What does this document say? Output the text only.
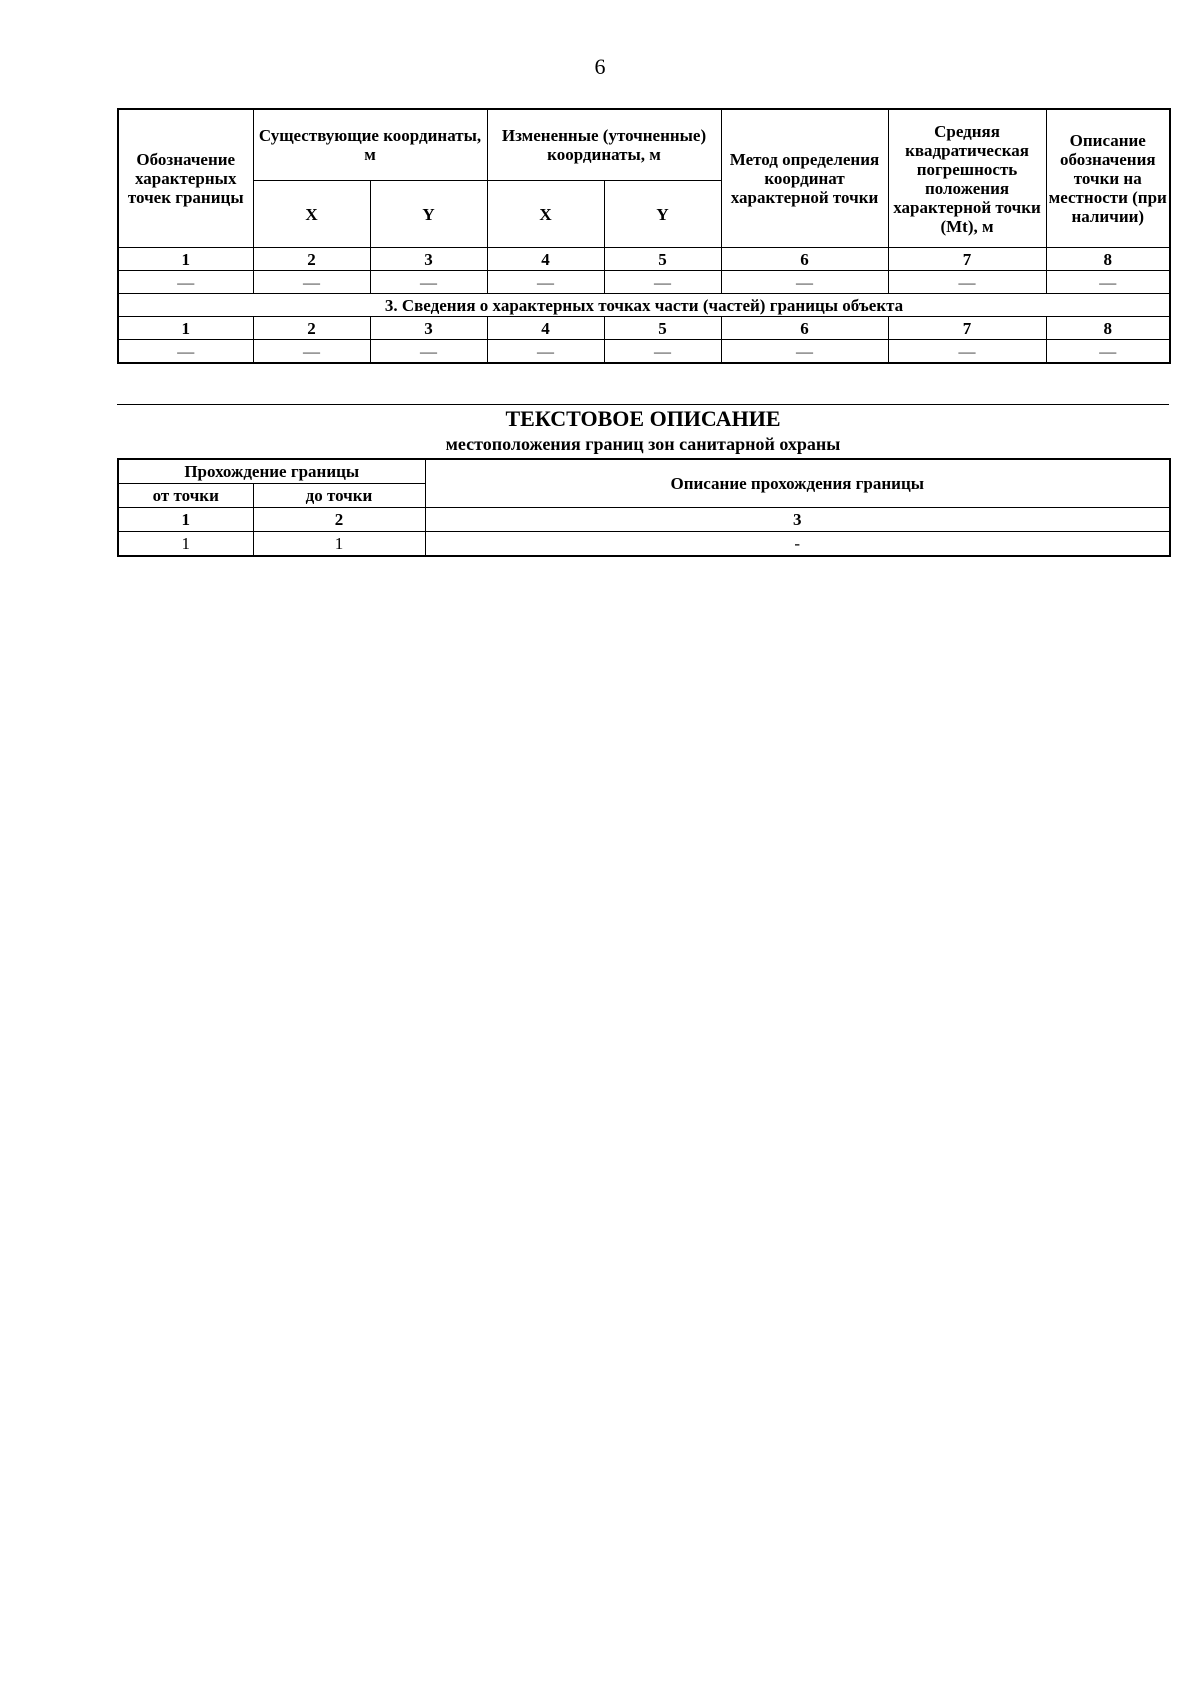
6
Обозначение характерных точек границы	Существующие координаты, м		Измененные (уточненные) координаты, м		Метод определения координат характерной точки	Средняя квадратическая погрешность положения характерной точки (Mt), м	Описание обозначения точки на местности (при наличии)
	X	Y	X	Y			
1	2	3	4	5	6	7	8
—	—	—	—	—	—	—	—
3. Сведения о характерных точках части (частей) границы объекта							
1	2	3	4	5	6	7	8
—	—	—	—	—	—	—	—
ТЕКСТОВОЕ ОПИСАНИЕ
местоположения границ зон санитарной охраны
Прохождение границы		Описание прохождения границы
от точки	до точки	
1	2	3
1	1	-
